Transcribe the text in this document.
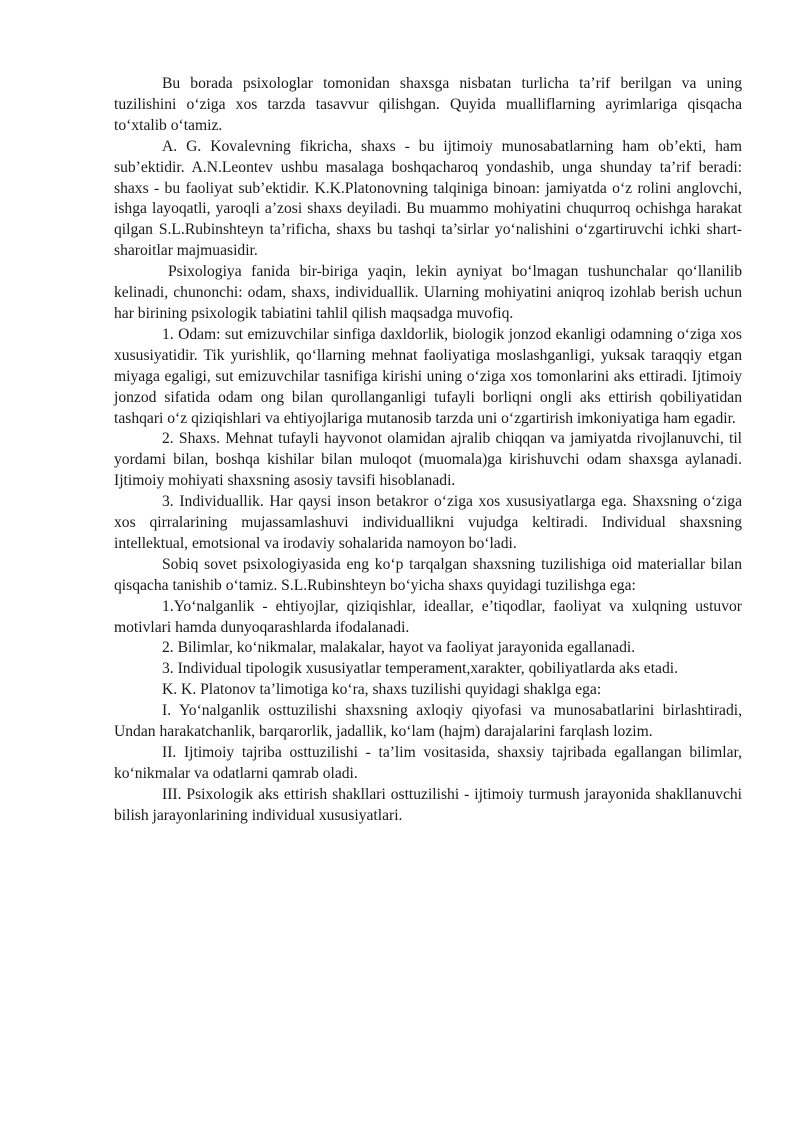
Bu borada psixologlar tomonidan shaxsga nisbatan turlicha ta’rif berilgan va uning tuzilishini o‘ziga xos tarzda tasavvur qilishgan. Quyida mualliflarning ayrimlariga qisqacha to‘xtalib o‘tamiz.

A. G. Kovalevning fikricha, shaxs - bu ijtimoiy munosabatlarning ham ob’ekti, ham sub’ektidir. A.N.Leontev ushbu masalaga boshqacharoq yondashib, unga shunday ta’rif beradi: shaxs - bu faoliyat sub’ektidir. K.K.Platonovning talqiniga binoan: jamiyatda o‘z rolini anglovchi, ishga layoqatli, yaroqli a’zosi shaxs deyiladi. Bu muammo mohiyatini chuqurroq ochishga harakat qilgan S.L.Rubinshteyn ta’rificha, shaxs bu tashqi ta’sirlar yo‘nalishini o‘zgartiruvchi ichki shart-sharoitlar majmuasidir.

Psixologiya fanida bir-biriga yaqin, lekin ayniyat bo‘lmagan tushunchalar qo‘llanilib kelinadi, chunonchi: odam, shaxs, individuallik. Ularning mohiyatini aniqroq izohlab berish uchun har birining psixologik tabiatini tahlil qilish maqsadga muvofiq.

1. Odam: sut emizuvchilar sinfiga daxldorlik, biologik jonzod ekanligi odamning o‘ziga xos xususiyatidir. Tik yurishlik, qo‘llarning mehnat faoliyatiga moslashganligi, yuksak taraqqiy etgan miyaga egaligi, sut emizuvchilar tasnifiga kirishi uning o‘ziga xos tomonlarini aks ettiradi. Ijtimoiy jonzod sifatida odam ong bilan qurollanganligi tufayli borliqni ongli aks ettirish qobiliyatidan tashqari o‘z qiziqishlari va ehtiyojlariga mutanosib tarzda uni o‘zgartirish imkoniyatiga ham egadir.

2. Shaxs. Mehnat tufayli hayvonot olamidan ajralib chiqqan va jamiyatda rivojlanuvchi, til yordami bilan, boshqa kishilar bilan muloqot (muomala)ga kirishuvchi odam shaxsga aylanadi. Ijtimoiy mohiyati shaxsning asosiy tavsifi hisoblanadi.

3. Individuallik. Har qaysi inson betakror o‘ziga xos xususiyatlarga ega. Shaxsning o‘ziga xos qirralarining mujassamlashuvi individuallikni vujudga keltiradi. Individual shaxsning intellektual, emotsional va irodaviy sohalarida namoyon bo‘ladi.

Sobiq sovet psixologiyasida eng ko‘p tarqalgan shaxsning tuzilishiga oid materiallar bilan qisqacha tanishib o‘tamiz. S.L.Rubinshteyn bo‘yicha shaxs quyidagi tuzilishga ega:

1.Yo‘nalganlik - ehtiyojlar, qiziqishlar, ideallar, e’tiqodlar, faoliyat va xulqning ustuvor motivlari hamda dunyoqarashlarda ifodalanadi.

2. Bilimlar, ko‘nikmalar, malakalar, hayot va faoliyat jarayonida egallanadi.

3. Individual tipologik xususiyatlar temperament,xarakter, qobiliyatlarda aks etadi.

K. K. Platonov ta’limotiga ko‘ra, shaxs tuzilishi quyidagi shaklga ega:

I. Yo‘nalganlik osttuzilishi shaxsning axloqiy qiyofasi va munosabatlarini birlashtiradi, Undan harakatchanlik, barqarorlik, jadallik, ko‘lam (hajm) darajalarini farqlash lozim.

II. Ijtimoiy tajriba osttuzilishi - ta’lim vositasida, shaxsiy tajribada egallangan bilimlar, ko‘nikmalar va odatlarni qamrab oladi.

III. Psixologik aks ettirish shakllari osttuzilishi - ijtimoiy turmush jarayonida shakllanuvchi bilish jarayonlarining individual xususiyatlari.
